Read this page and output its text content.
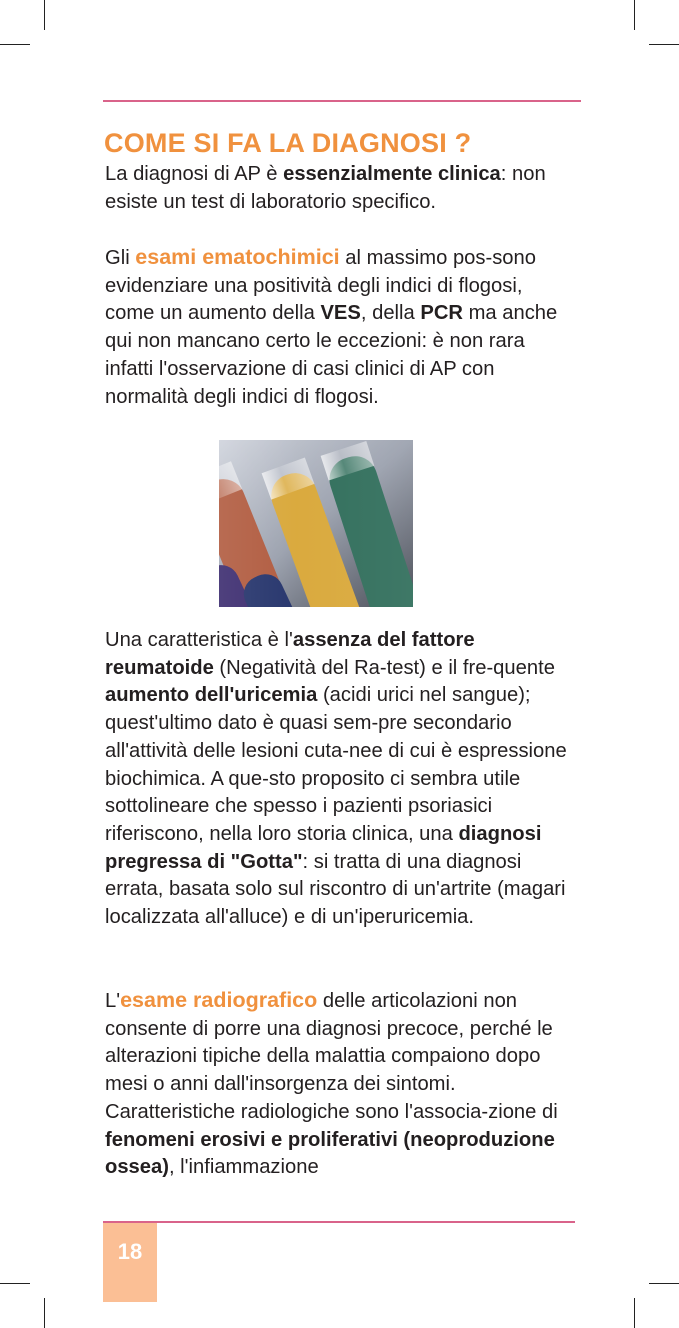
COME SI FA LA DIAGNOSI ?

La diagnosi di AP è essenzialmente clinica: non esiste un test di laboratorio specifico.

Gli esami ematochimici al massimo pos-sono evidenziare una positività degli indici di flogosi, come un aumento della VES, della PCR ma anche qui non mancano certo le eccezioni: è non rara infatti l'osservazione di casi clinici di AP con normalità degli indici di flogosi.

Una caratteristica è l'assenza del fattore reumatoide (Negatività del Ra-test) e il fre-quente aumento dell'uricemia (acidi urici nel sangue); quest'ultimo dato è quasi sem-pre secondario all'attività delle lesioni cuta-nee di cui è espressione biochimica. A que-sto proposito ci sembra utile sottolineare che spesso i pazienti psoriasici riferiscono, nella loro storia clinica, una diagnosi pregressa di "Gotta": si tratta di una diagnosi errata, basata solo sul riscontro di un'artrite (magari localizzata all'alluce) e di un'iperuricemia.

L'esame radiografico delle articolazioni non consente di porre una diagnosi precoce, perché le alterazioni tipiche della malattia compaiono dopo mesi o anni dall'insorgenza dei sintomi.

Caratteristiche radiologiche sono l'associa-zione di fenomeni erosivi e proliferativi (neoproduzione ossea), l'infiammazione

18
